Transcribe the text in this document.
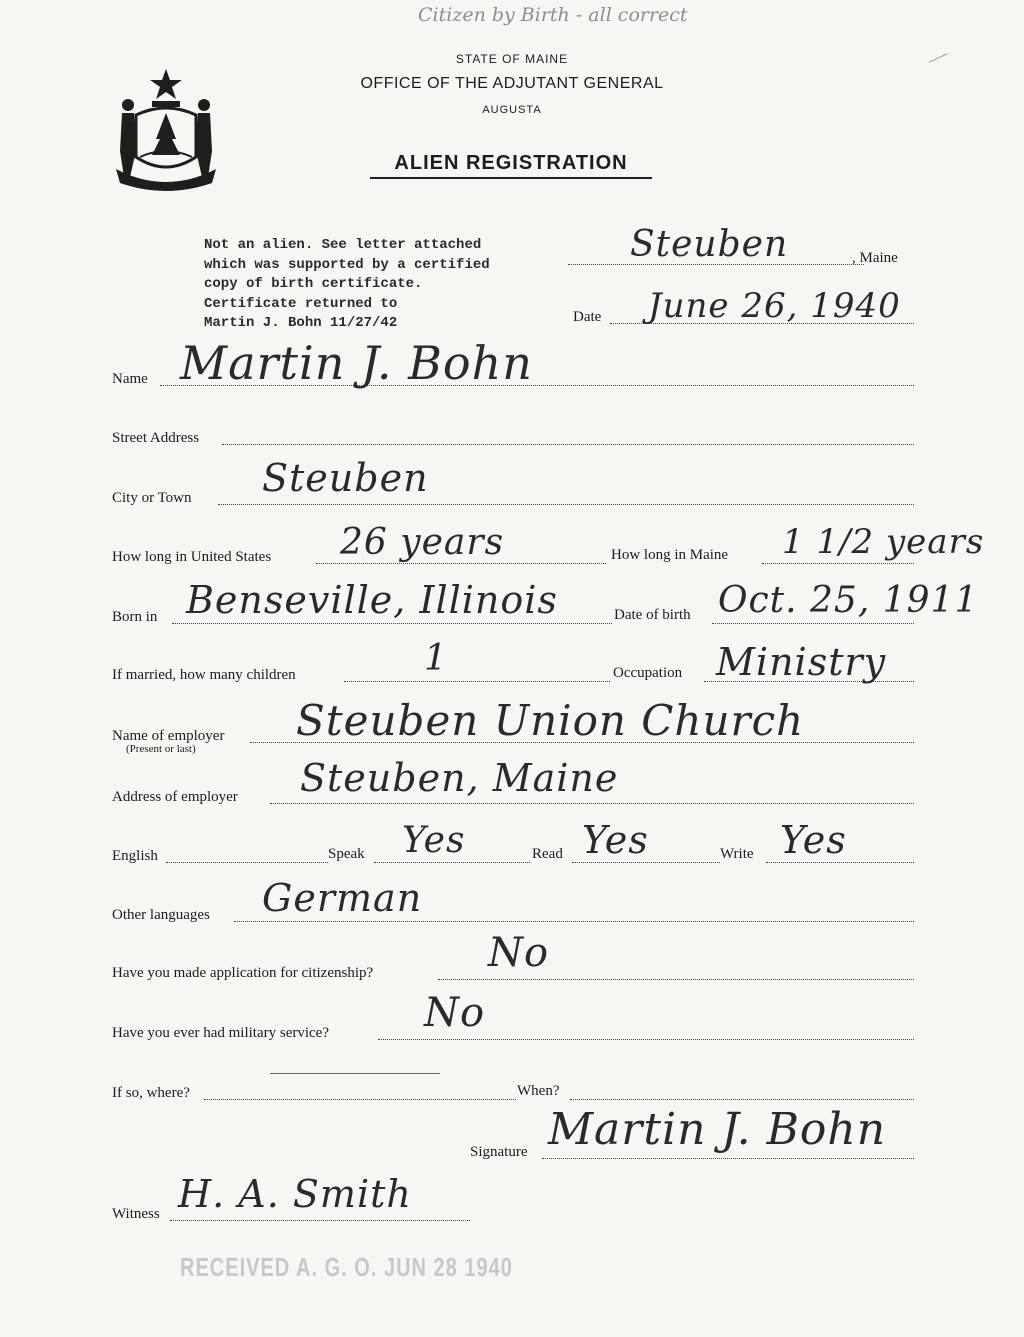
Citizen by Birth - all correct
STATE OF MAINE
OFFICE OF THE ADJUTANT GENERAL
AUGUSTA
ALIEN REGISTRATION
MAINE
Not an alien. See letter attached
which was supported by a certified
copy of birth certificate.
Certificate returned to
Martin J. Bohn 11/27/42
Steuben	, Maine
Date June 26, 1940
Name Martin J. Bohn
Street Address
City or Town Steuben
How long in United States 26 years	How long in Maine 1 1/2 years
Born in Benseville, Illinois	Date of birth Oct. 25, 1911
If married, how many children	1	Occupation Ministry
Name of employer
(Present or last)
Steuben Union Church
Address of employer Steuben, Maine
English	Speak Yes	Read Yes	Write Yes
Other languages German
Have you made application for citizenship?	No
Have you ever had military service? No
If so, where?	When?
Signature Martin J. Bohn
Witness H. A. Smith
RECEIVED A. G. O. JUN 28 1940
